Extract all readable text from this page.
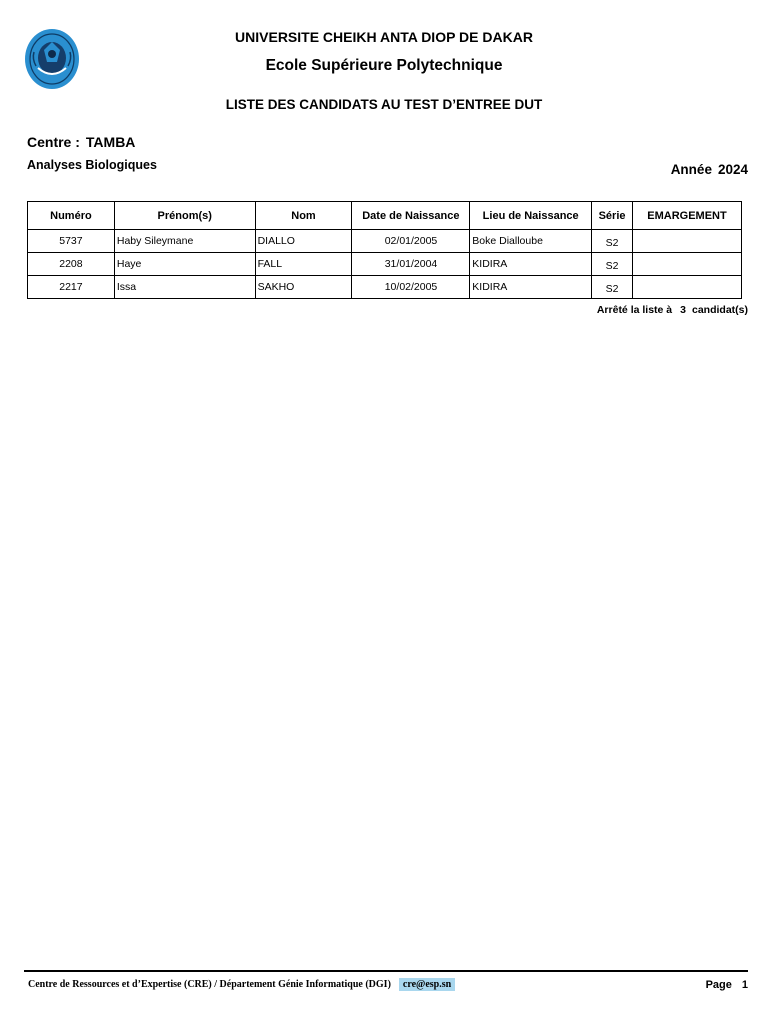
UNIVERSITE CHEIKH ANTA DIOP DE DAKAR
Ecole Supérieure Polytechnique
LISTE DES CANDIDATS AU TEST D’ENTREE DUT
Centre : TAMBA
Analyses Biologiques	Année 2024
Numéro	Prénom(s)	Nom	Date de Naissance	Lieu de Naissance	Série	EMARGEMENT
5737	Haby Sileymane	DIALLO	02/01/2005	Boke Dialloube	S2	
2208	Haye	FALL	31/01/2004	KIDIRA	S2	
2217	Issa	SAKHO	10/02/2005	KIDIRA	S2	
Arrêté la liste à 3 candidat(s)
Centre de Ressources et d’Expertise (CRE) / Département Génie Informatique (DGI) cre@esp.sn	Page 1
